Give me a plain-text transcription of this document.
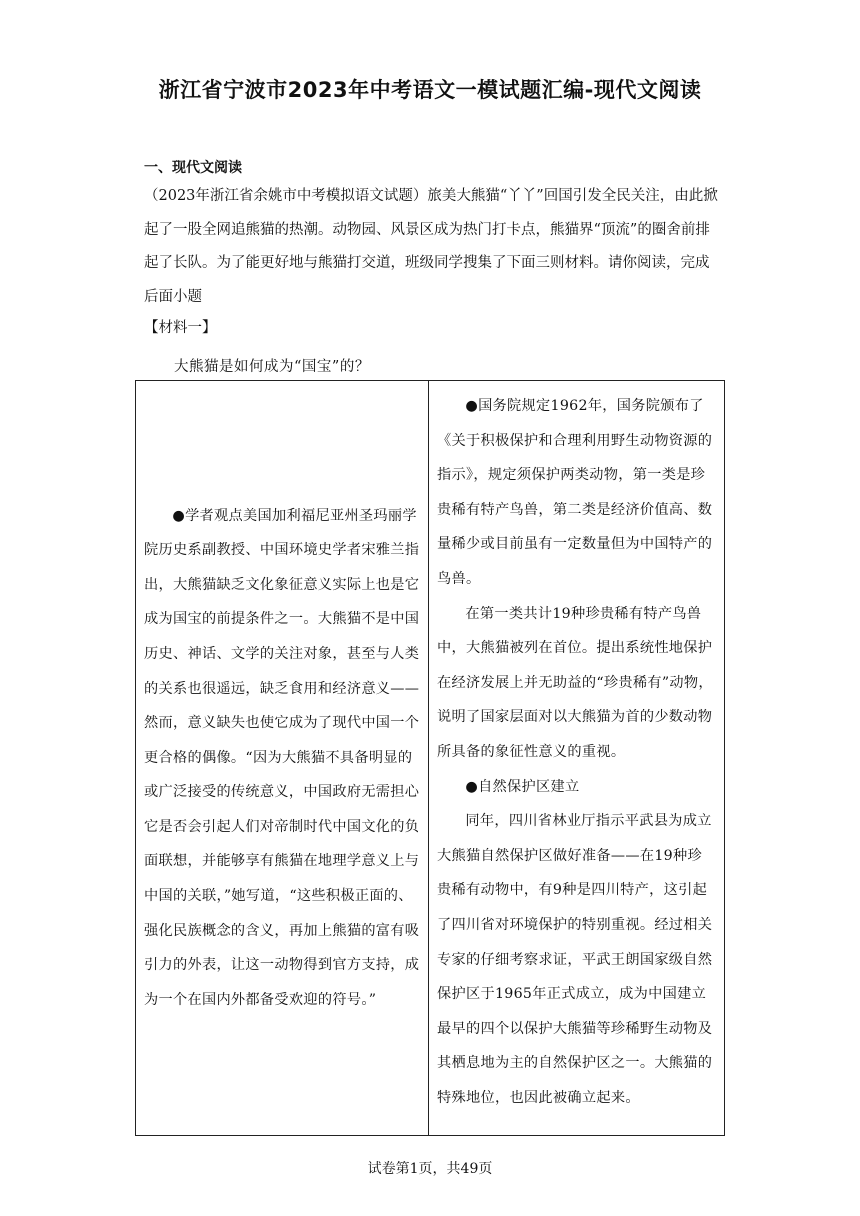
浙江省宁波市2023年中考语文一模试题汇编-现代文阅读
一、现代文阅读
（2023年浙江省余姚市中考模拟语文试题）旅美大熊猫“丫丫”回国引发全民关注，由此掀起了一股全网追熊猫的热潮。动物园、风景区成为热门打卡点，熊猫界“顶流”的圈舍前排起了长队。为了能更好地与熊猫打交道，班级同学搜集了下面三则材料。请你阅读，完成后面小题
【材料一】
大熊猫是如何成为“国宝”的？

●学者观点美国加利福尼亚州圣玛丽学院历史系副教授、中国环境史学者宋雅兰指出，大熊猫缺乏文化象征意义实际上也是它成为国宝的前提条件之一。大熊猫不是中国历史、神话、文学的关注对象，甚至与人类的关系也很遥远，缺乏食用和经济意义——然而，意义缺失也使它成为了现代中国一个更合格的偶像。“因为大熊猫不具备明显的或广泛接受的传统意义，中国政府无需担心它是否会引起人们对帝制时代中国文化的负面联想，并能够享有熊猫在地理学意义上与中国的关联，”她写道，“这些积极正面的、强化民族概念的含义，再加上熊猫的富有吸引力的外表，让这一动物得到官方支持，成为一个在国内外都备受欢迎的符号。”

●国务院规定1962年，国务院颁布了《关于积极保护和合理利用野生动物资源的指示》，规定须保护两类动物，第一类是珍贵稀有特产鸟兽，第二类是经济价值高、数量稀少或目前虽有一定数量但为中国特产的鸟兽。

在第一类共计19种珍贵稀有特产鸟兽中，大熊猫被列在首位。提出系统性地保护在经济发展上并无助益的“珍贵稀有”动物，说明了国家层面对以大熊猫为首的少数动物所具备的象征性意义的重视。

●自然保护区建立

同年，四川省林业厅指示平武县为成立大熊猫自然保护区做好准备——在19种珍贵稀有动物中，有9种是四川特产，这引起了四川省对环境保护的特别重视。经过相关专家的仔细考察求证，平武王朗国家级自然保护区于1965年正式成立，成为中国建立最早的四个以保护大熊猫等珍稀野生动物及其栖息地为主的自然保护区之一。大熊猫的特殊地位，也因此被确立起来。

试卷第1页，共49页
